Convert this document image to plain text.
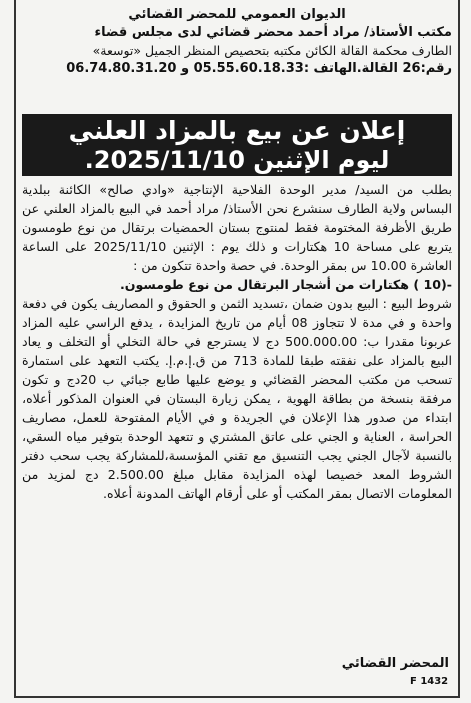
الديوان العمومي للمحضر القضائي
مكتب الأستاذ/ مراد أحمد محضر قضائي لدى مجلس قضاء
الطارف محكمة القالة الكائن مكتبه بتحصيص المنظر الجميل «توسعة»
رقم:26 القالة.الهاتف :05.55.60.18.33 و 06.74.80.31.20
إعلان عن بيع بالمزاد العلني
ليوم الإثنين 2025/11/10.

بطلب من السيد/ مدير الوحدة الفلاحية الإنتاجية «وادي صالح» الكائنة ببلدية البساس ولاية الطارف سنشرع نحن الأستاذ/ مراد أحمد في البيع بالمزاد العلني عن طريق الأظرفة المختومة فقط لمنتوج بستان الحمضيات برتقال من نوع طومسون يتربع على مساحة 10 هكتارات و ذلك يوم : الإثنين 2025/11/10 على الساعة العاشرة 10.00 س بمقر الوحدة. في حصة واحدة تتكون من :

-(10 ) هكتارات من أشجار البرتقال من نوع طومسون.

شروط البيع : البيع بدون ضمان ،تسديد الثمن و الحقوق و المصاريف يكون في دفعة واحدة و في مدة لا تتجاوز 08 أيام من تاريخ المزايدة ، يدفع الراسي عليه المزاد عربونا مقدرا ب: 500.000.00 دج لا يسترجع في حالة التخلي أو التخلف و يعاد البيع بالمزاد على نفقته طبقا للمادة 713 من ق.إ.م.إ. يكتب التعهد على استمارة تسحب من مكتب المحضر القضائي و يوضع عليها طابع جبائي ب 20دج و تكون مرفقة بنسخة من بطاقة الهوية ، يمكن زيارة البستان في العنوان المذكور أعلاه، ابتداء من صدور هذا الإعلان في الجريدة و في الأيام المفتوحة للعمل، مصاريف الحراسة ، العناية و الجني على عاتق المشتري و تتعهد الوحدة بتوفير مياه السقي، بالنسبة لآجال الجني يجب التنسيق مع تقني المؤسسة،للمشاركة يجب سحب دفتر الشروط المعد خصيصا لهذه المزايدة مقابل مبلغ 2.500.00 دج لمزيد من المعلومات الاتصال بمقر المكتب أو على أرقام الهاتف المدونة أعلاه.

المحضر القضائي
F 1432
